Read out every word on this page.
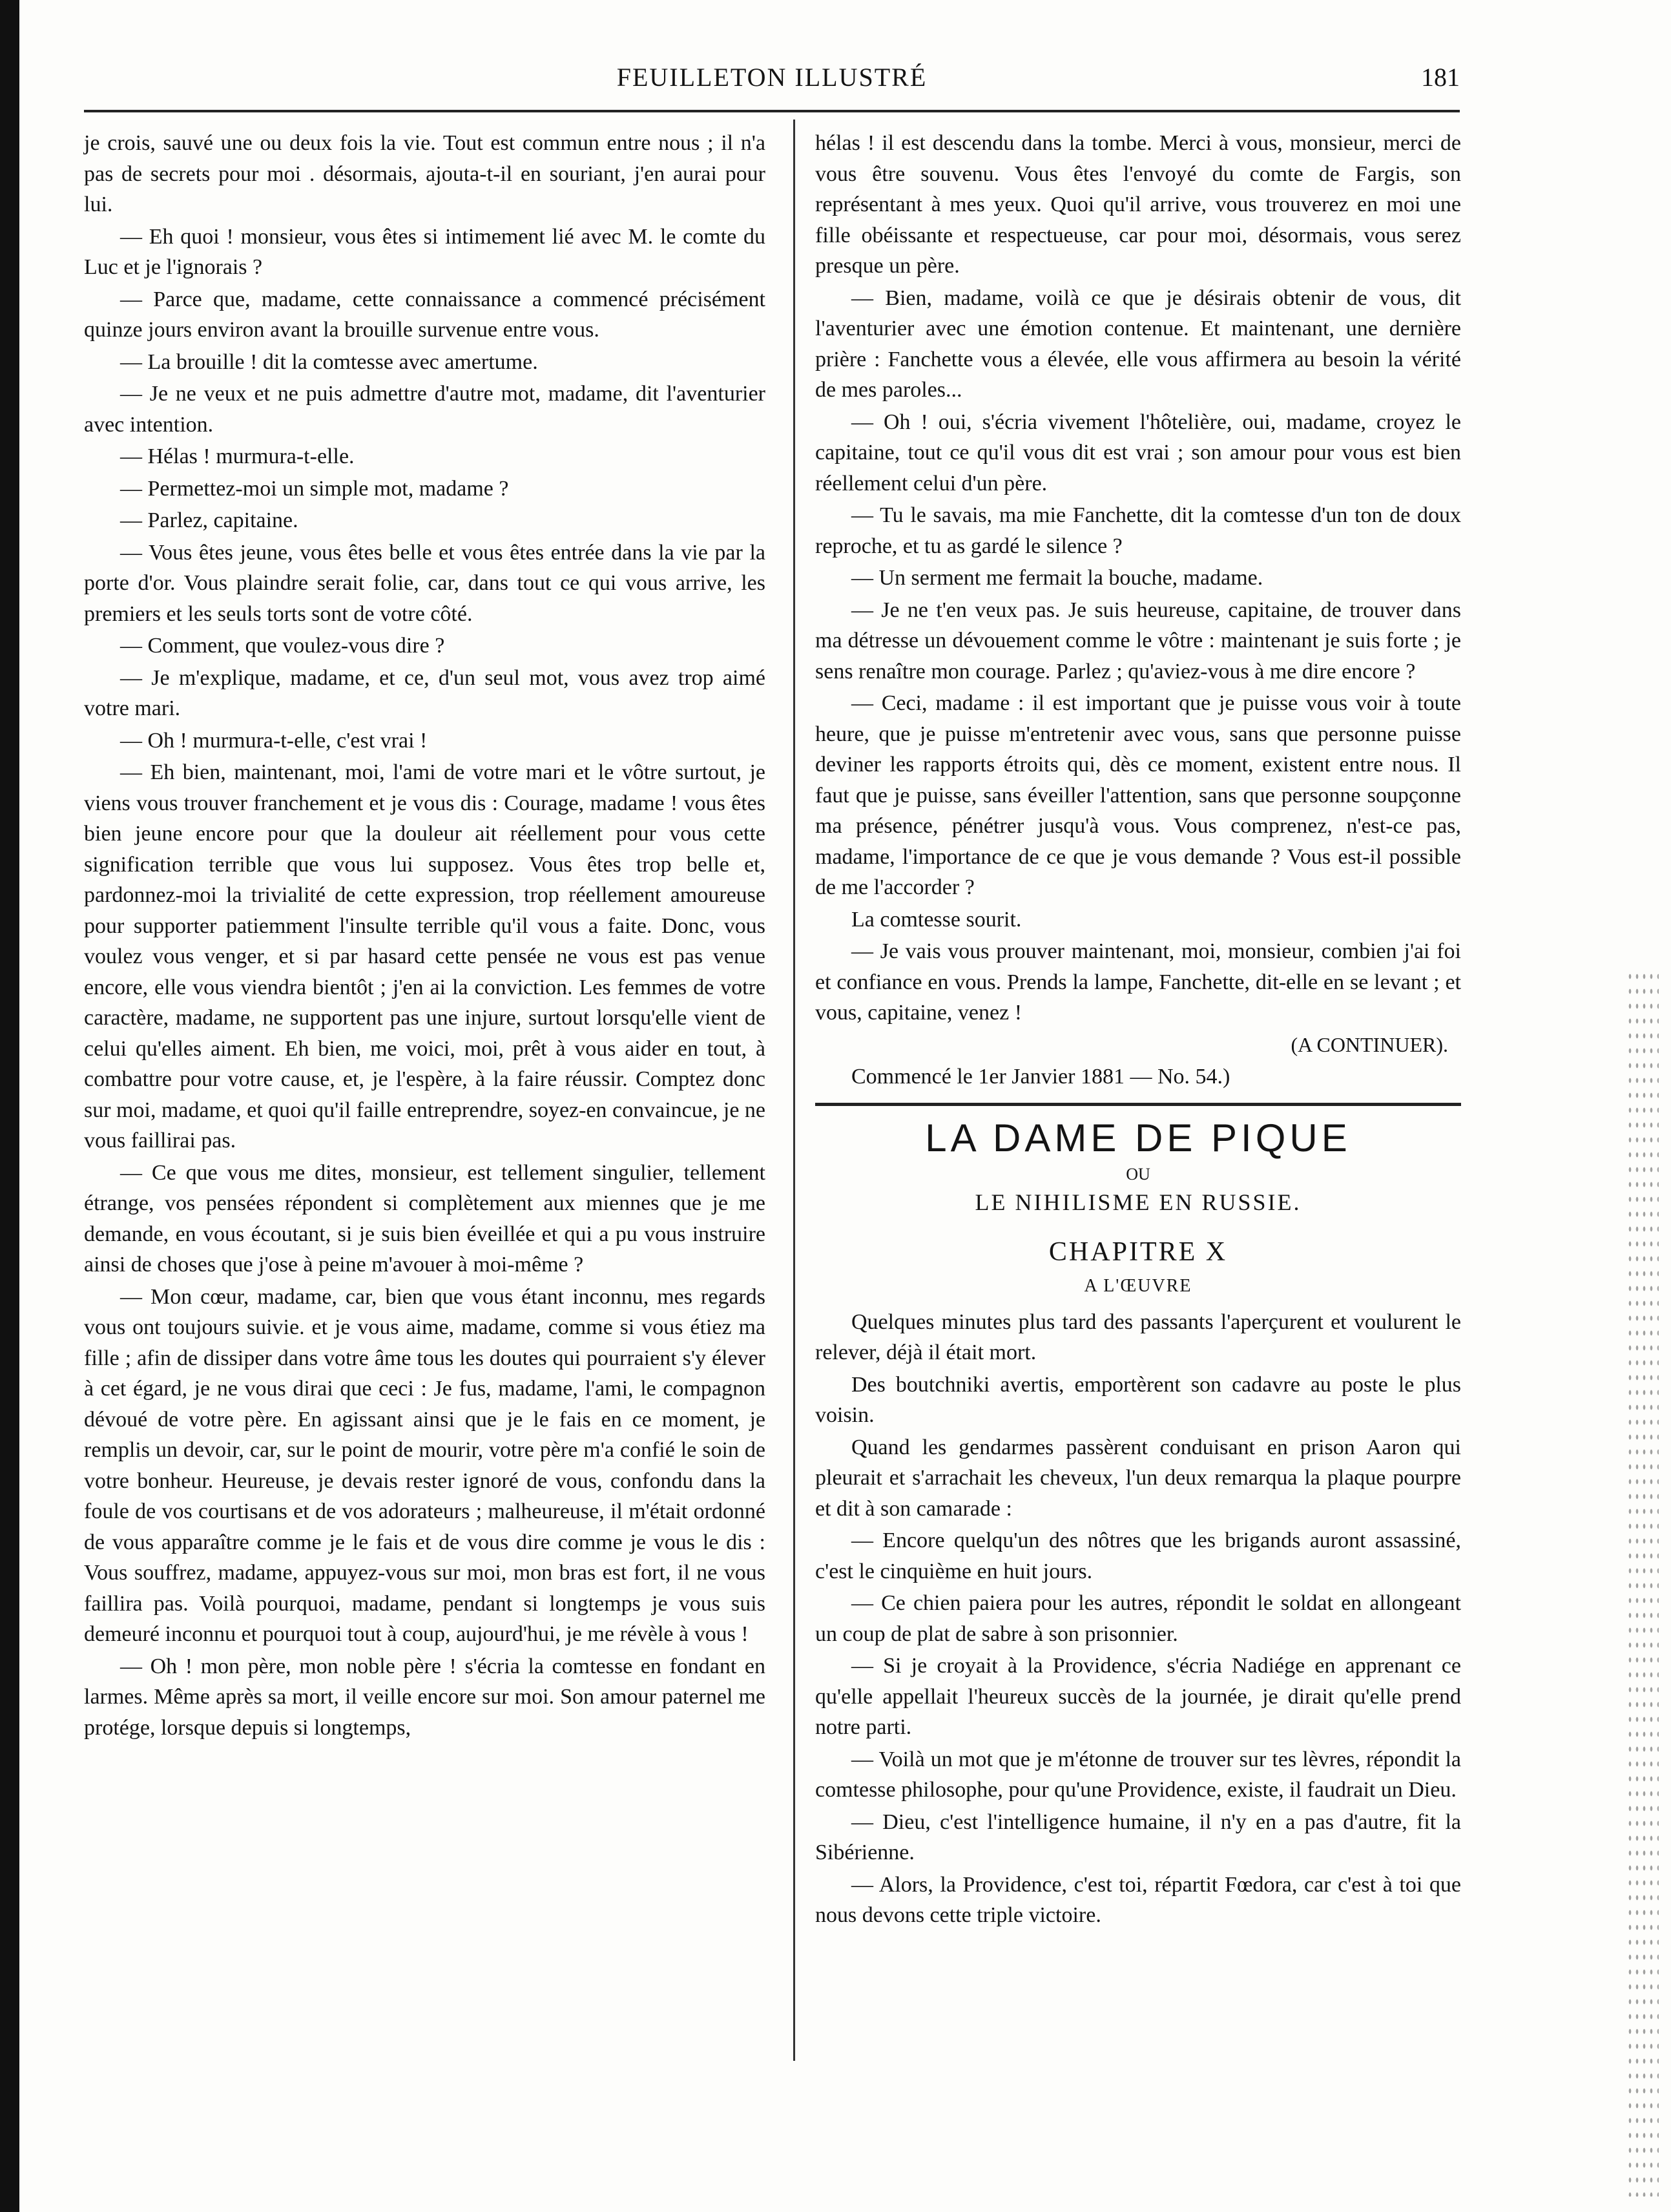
FEUILLETON ILLUSTRÉ	181

je crois, sauvé une ou deux fois la vie. Tout est commun entre nous ; il n'a pas de secrets pour moi . désormais, ajouta-t-il en souriant, j'en aurai pour lui.

— Eh quoi ! monsieur, vous êtes si intimement lié avec M. le comte du Luc et je l'ignorais ?

— Parce que, madame, cette connaissance a commencé précisément quinze jours environ avant la brouille survenue entre vous.

— La brouille ! dit la comtesse avec amertume.

— Je ne veux et ne puis admettre d'autre mot, madame, dit l'aventurier avec intention.

— Hélas ! murmura-t-elle.

— Permettez-moi un simple mot, madame ?

— Parlez, capitaine.

— Vous êtes jeune, vous êtes belle et vous êtes entrée dans la vie par la porte d'or. Vous plaindre serait folie, car, dans tout ce qui vous arrive, les premiers et les seuls torts sont de votre côté.

— Comment, que voulez-vous dire ?

— Je m'explique, madame, et ce, d'un seul mot, vous avez trop aimé votre mari.

— Oh ! murmura-t-elle, c'est vrai !

— Eh bien, maintenant, moi, l'ami de votre mari et le vôtre surtout, je viens vous trouver franchement et je vous dis : Courage, madame ! vous êtes bien jeune encore pour que la douleur ait réellement pour vous cette signification terrible que vous lui supposez. Vous êtes trop belle et, pardonnez-moi la trivialité de cette expression, trop réellement amoureuse pour supporter patiemment l'insulte terrible qu'il vous a faite. Donc, vous voulez vous venger, et si par hasard cette pensée ne vous est pas venue encore, elle vous viendra bientôt ; j'en ai la conviction. Les femmes de votre caractère, madame, ne supportent pas une injure, surtout lorsqu'elle vient de celui qu'elles aiment. Eh bien, me voici, moi, prêt à vous aider en tout, à combattre pour votre cause, et, je l'espère, à la faire réussir. Comptez donc sur moi, madame, et quoi qu'il faille entreprendre, soyez-en convaincue, je ne vous faillirai pas.

— Ce que vous me dites, monsieur, est tellement singulier, tellement étrange, vos pensées répondent si complètement aux miennes que je me demande, en vous écoutant, si je suis bien éveillée et qui a pu vous instruire ainsi de choses que j'ose à peine m'avouer à moi-même ?

— Mon cœur, madame, car, bien que vous étant inconnu, mes regards vous ont toujours suivie. et je vous aime, madame, comme si vous étiez ma fille ; afin de dissiper dans votre âme tous les doutes qui pourraient s'y élever à cet égard, je ne vous dirai que ceci : Je fus, madame, l'ami, le compagnon dévoué de votre père. En agissant ainsi que je le fais en ce moment, je remplis un devoir, car, sur le point de mourir, votre père m'a confié le soin de votre bonheur. Heureuse, je devais rester ignoré de vous, confondu dans la foule de vos courtisans et de vos adorateurs ; malheureuse, il m'était ordonné de vous apparaître comme je le fais et de vous dire comme je vous le dis : Vous souffrez, madame, appuyez-vous sur moi, mon bras est fort, il ne vous faillira pas. Voilà pourquoi, madame, pendant si longtemps je vous suis demeuré inconnu et pourquoi tout à coup, aujourd'hui, je me révèle à vous !

— Oh ! mon père, mon noble père ! s'écria la comtesse en fondant en larmes. Même après sa mort, il veille encore sur moi. Son amour paternel me protége, lorsque depuis si longtemps,

hélas ! il est descendu dans la tombe. Merci à vous, monsieur, merci de vous être souvenu. Vous êtes l'envoyé du comte de Fargis, son représentant à mes yeux. Quoi qu'il arrive, vous trouverez en moi une fille obéissante et respectueuse, car pour moi, désormais, vous serez presque un père.

— Bien, madame, voilà ce que je désirais obtenir de vous, dit l'aventurier avec une émotion contenue. Et maintenant, une dernière prière : Fanchette vous a élevée, elle vous affirmera au besoin la vérité de mes paroles...

— Oh ! oui, s'écria vivement l'hôtelière, oui, madame, croyez le capitaine, tout ce qu'il vous dit est vrai ; son amour pour vous est bien réellement celui d'un père.

— Tu le savais, ma mie Fanchette, dit la comtesse d'un ton de doux reproche, et tu as gardé le silence ?

— Un serment me fermait la bouche, madame.

— Je ne t'en veux pas. Je suis heureuse, capitaine, de trouver dans ma détresse un dévouement comme le vôtre : maintenant je suis forte ; je sens renaître mon courage. Parlez ; qu'aviez-vous à me dire encore ?

— Ceci, madame : il est important que je puisse vous voir à toute heure, que je puisse m'entretenir avec vous, sans que personne puisse deviner les rapports étroits qui, dès ce moment, existent entre nous. Il faut que je puisse, sans éveiller l'attention, sans que personne soupçonne ma présence, pénétrer jusqu'à vous. Vous comprenez, n'est-ce pas, madame, l'importance de ce que je vous demande ? Vous est-il possible de me l'accorder ?

La comtesse sourit.

— Je vais vous prouver maintenant, moi, monsieur, combien j'ai foi et confiance en vous. Prends la lampe, Fanchette, dit-elle en se levant ; et vous, capitaine, venez !

(A CONTINUER).

Commencé le 1er Janvier 1881 — No. 54.)

LA DAME DE PIQUE
OU
LE NIHILISME EN RUSSIE.
CHAPITRE X
A L'ŒUVRE

Quelques minutes plus tard des passants l'aperçurent et voulurent le relever, déjà il était mort.

Des boutchniki avertis, emportèrent son cadavre au poste le plus voisin.

Quand les gendarmes passèrent conduisant en prison Aaron qui pleurait et s'arrachait les cheveux, l'un deux remarqua la plaque pourpre et dit à son camarade :

— Encore quelqu'un des nôtres que les brigands auront assassiné, c'est le cinquième en huit jours.

— Ce chien paiera pour les autres, répondit le soldat en allongeant un coup de plat de sabre à son prisonnier.

— Si je croyait à la Providence, s'écria Nadiége en apprenant ce qu'elle appellait l'heureux succès de la journée, je dirait qu'elle prend notre parti.

— Voilà un mot que je m'étonne de trouver sur tes lèvres, répondit la comtesse philosophe, pour qu'une Providence, existe, il faudrait un Dieu.

— Dieu, c'est l'intelligence humaine, il n'y en a pas d'autre, fit la Sibérienne.

— Alors, la Providence, c'est toi, répartit Fœdora, car c'est à toi que nous devons cette triple victoire.
